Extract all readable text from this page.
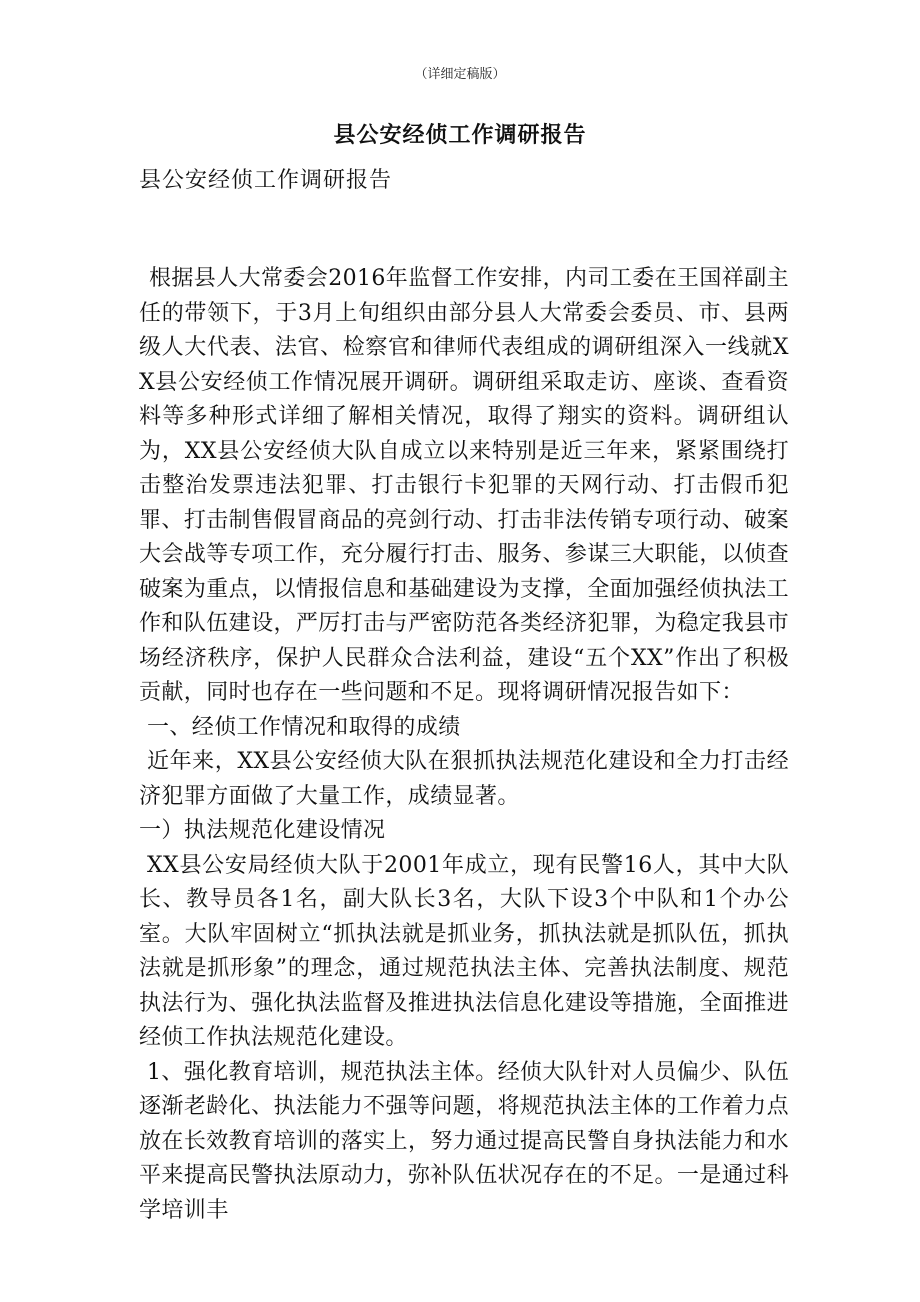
（详细定稿版）
县公安经侦工作调研报告
县公安经侦工作调研报告

根据县人大常委会2016年监督工作安排，内司工委在王国祥副主任的带领下，于3月上旬组织由部分县人大常委会委员、市、县两级人大代表、法官、检察官和律师代表组成的调研组深入一线就XX县公安经侦工作情况展开调研。调研组采取走访、座谈、查看资料等多种形式详细了解相关情况，取得了翔实的资料。调研组认为，XX县公安经侦大队自成立以来特别是近三年来，紧紧围绕打击整治发票违法犯罪、打击银行卡犯罪的天网行动、打击假币犯罪、打击制售假冒商品的亮剑行动、打击非法传销专项行动、破案大会战等专项工作，充分履行打击、服务、参谋三大职能，以侦查破案为重点，以情报信息和基础建设为支撑，全面加强经侦执法工作和队伍建设，严厉打击与严密防范各类经济犯罪，为稳定我县市场经济秩序，保护人民群众合法利益，建设“五个XX”作出了积极贡献，同时也存在一些问题和不足。现将调研情况报告如下：

一、经侦工作情况和取得的成绩

近年来，XX县公安经侦大队在狠抓执法规范化建设和全力打击经济犯罪方面做了大量工作，成绩显著。

一）执法规范化建设情况

XX县公安局经侦大队于2001年成立，现有民警16人，其中大队长、教导员各1名，副大队长3名，大队下设3个中队和1个办公室。大队牢固树立“抓执法就是抓业务，抓执法就是抓队伍，抓执法就是抓形象”的理念，通过规范执法主体、完善执法制度、规范执法行为、强化执法监督及推进执法信息化建设等措施，全面推进经侦工作执法规范化建设。

1、强化教育培训，规范执法主体。经侦大队针对人员偏少、队伍逐渐老龄化、执法能力不强等问题，将规范执法主体的工作着力点放在长效教育培训的落实上，努力通过提高民警自身执法能力和水平来提高民警执法原动力，弥补队伍状况存在的不足。一是通过科学培训丰
